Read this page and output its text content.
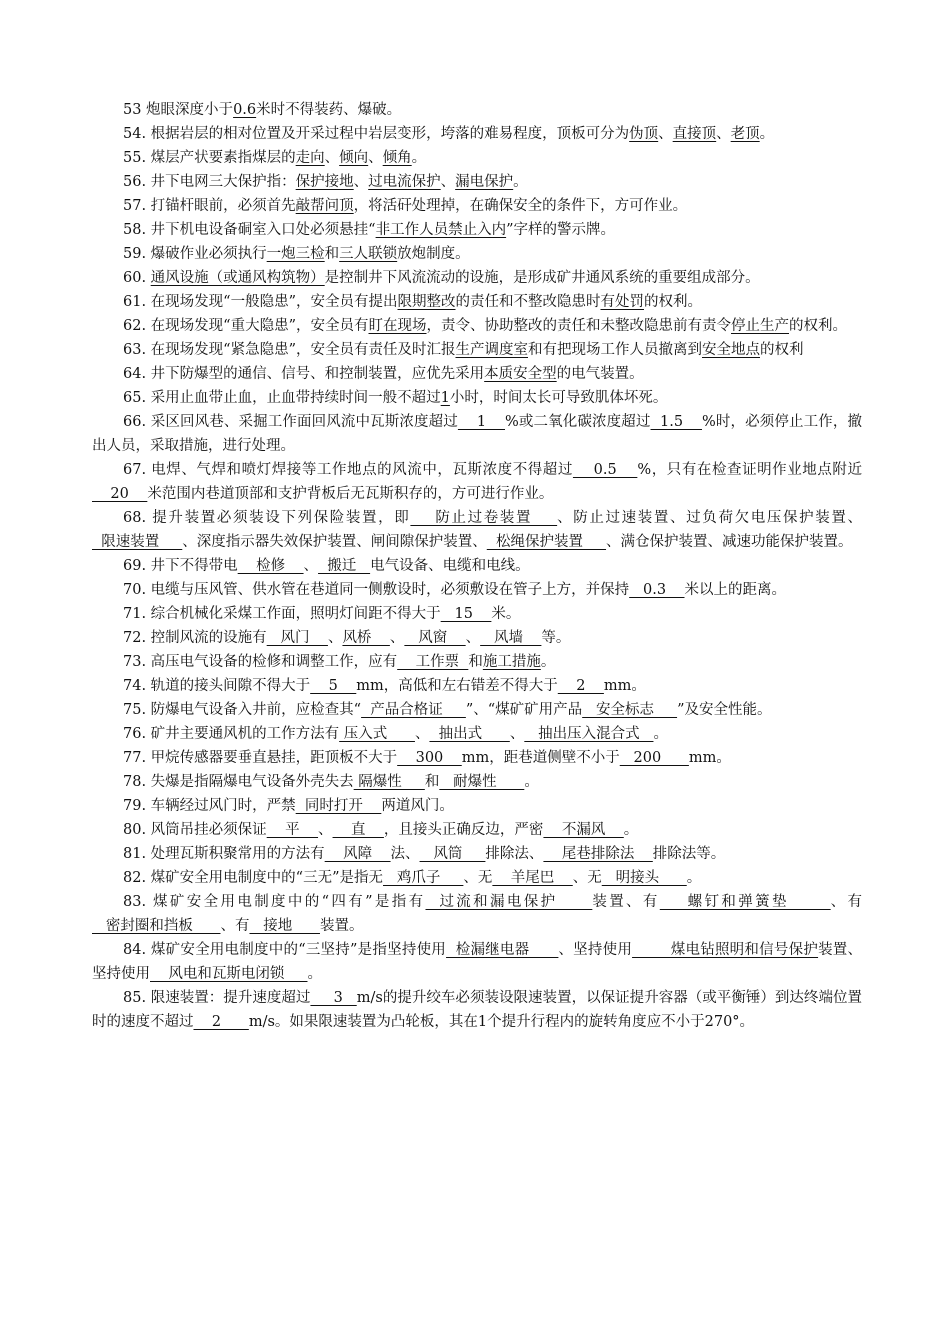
53 炮眼深度小于0.6米时不得装药、爆破。

54. 根据岩层的相对位置及开采过程中岩层变形，垮落的难易程度，顶板可分为伪顶、直接顶、老顶。

55. 煤层产状要素指煤层的走向、倾向、倾角。

56. 井下电网三大保护指：保护接地、过电流保护、漏电保护。

57. 打锚杆眼前，必须首先敲帮问顶，将活矸处理掉，在确保安全的条件下，方可作业。

58. 井下机电设备硐室入口处必须悬挂“非工作人员禁止入内”字样的警示牌。

59. 爆破作业必须执行一炮三检和三人联锁放炮制度。

60. 通风设施（或通风构筑物）是控制井下风流流动的设施，是形成矿井通风系统的重要组成部分。

61. 在现场发现“一般隐患”，安全员有提出限期整改的责任和不整改隐患时有处罚的权利。

62. 在现场发现“重大隐患”，安全员有盯在现场，责令、协助整改的责任和未整改隐患前有责令停止生产的权利。

63. 在现场发现“紧急隐患”，安全员有责任及时汇报生产调度室和有把现场工作人员撤离到安全地点的权利

64. 井下防爆型的通信、信号、和控制装置，应优先采用本质安全型的电气装置。

65. 采用止血带止血，止血带持续时间一般不超过1小时，时间太长可导致肌体坏死。

66. 采区回风巷、采掘工作面回风流中瓦斯浓度超过    1    %或二氧化碳浓度超过  1.5    %时，必须停止工作，撤出人员，采取措施，进行处理。

67. 电焊、气焊和喷灯焊接等工作地点的风流中，瓦斯浓度不得超过    0.5    %，只有在检查证明作业地点附近    20    米范围内巷道顶部和支护背板后无瓦斯积存的，方可进行作业。

68. 提升装置必须装设下列保险装置，即    防止过卷装置    、防止过速装置、过负荷欠电压保护装置、  限速装置     、深度指示器失效保护装置、闸间隙保护装置、  松绳保护装置     、满仓保护装置、减速功能保护装置。

69. 井下不得带电    检修    、  搬迁   电气设备、电缆和电线。

70. 电缆与压风管、供水管在巷道同一侧敷设时，必须敷设在管子上方，并保持   0.3    米以上的距离。

71. 综合机械化采煤工作面，照明灯间距不得大于   15    米。

72. 控制风流的设施有   风门    、风桥    、   风窗    、   风墙    等。

73. 高压电气设备的检修和调整工作，应有    工作票  和施工措施。

74. 轨道的接头间隙不得大于    5    mm，高低和左右错差不得大于    2    mm。

75. 防爆电气设备入井前，应检查其“  产品合格证     ”、“煤矿矿用产品   安全标志     ”及安全性能。

76. 矿井主要通风机的工作方法有 压入式      、  抽出式      、   抽出压入混合式   。

77. 甲烷传感器要垂直悬挂，距顶板不大于    300    mm，距巷道侧壁不小于   200      mm。

78. 失爆是指隔爆电气设备外壳失去 隔爆性     和   耐爆性      。

79. 车辆经过风门时，严禁  同时打开    两道风门。

80. 风筒吊挂必须保证    平    、    直    ，且接头正确反边，严密    不漏风    。

81. 处理瓦斯积聚常用的方法有    风障    法、   风筒     排除法、    尾巷排除法    排除法等。

82. 煤矿安全用电制度中的“三无”是指无   鸡爪子     、无    羊尾巴    、无   明接头      。

83. 煤矿安全用电制度中的“四有”是指有  过流和漏电保护     装置、有    螺钉和弹簧垫      、有   密封圈和挡板      、有   接地      装置。

84. 煤矿安全用电制度中的“三坚持”是指坚持使用  检漏继电器      、坚持使用        煤电钻照明和信号保护装置、坚持使用    风电和瓦斯电闭锁     。

85. 限速装置：提升速度超过     3   m/s的提升绞车必须装设限速装置，以保证提升容器（或平衡锤）到达终端位置时的速度不超过    2      m/s。如果限速装置为凸轮板，其在1个提升行程内的旋转角度应不小于270°。
